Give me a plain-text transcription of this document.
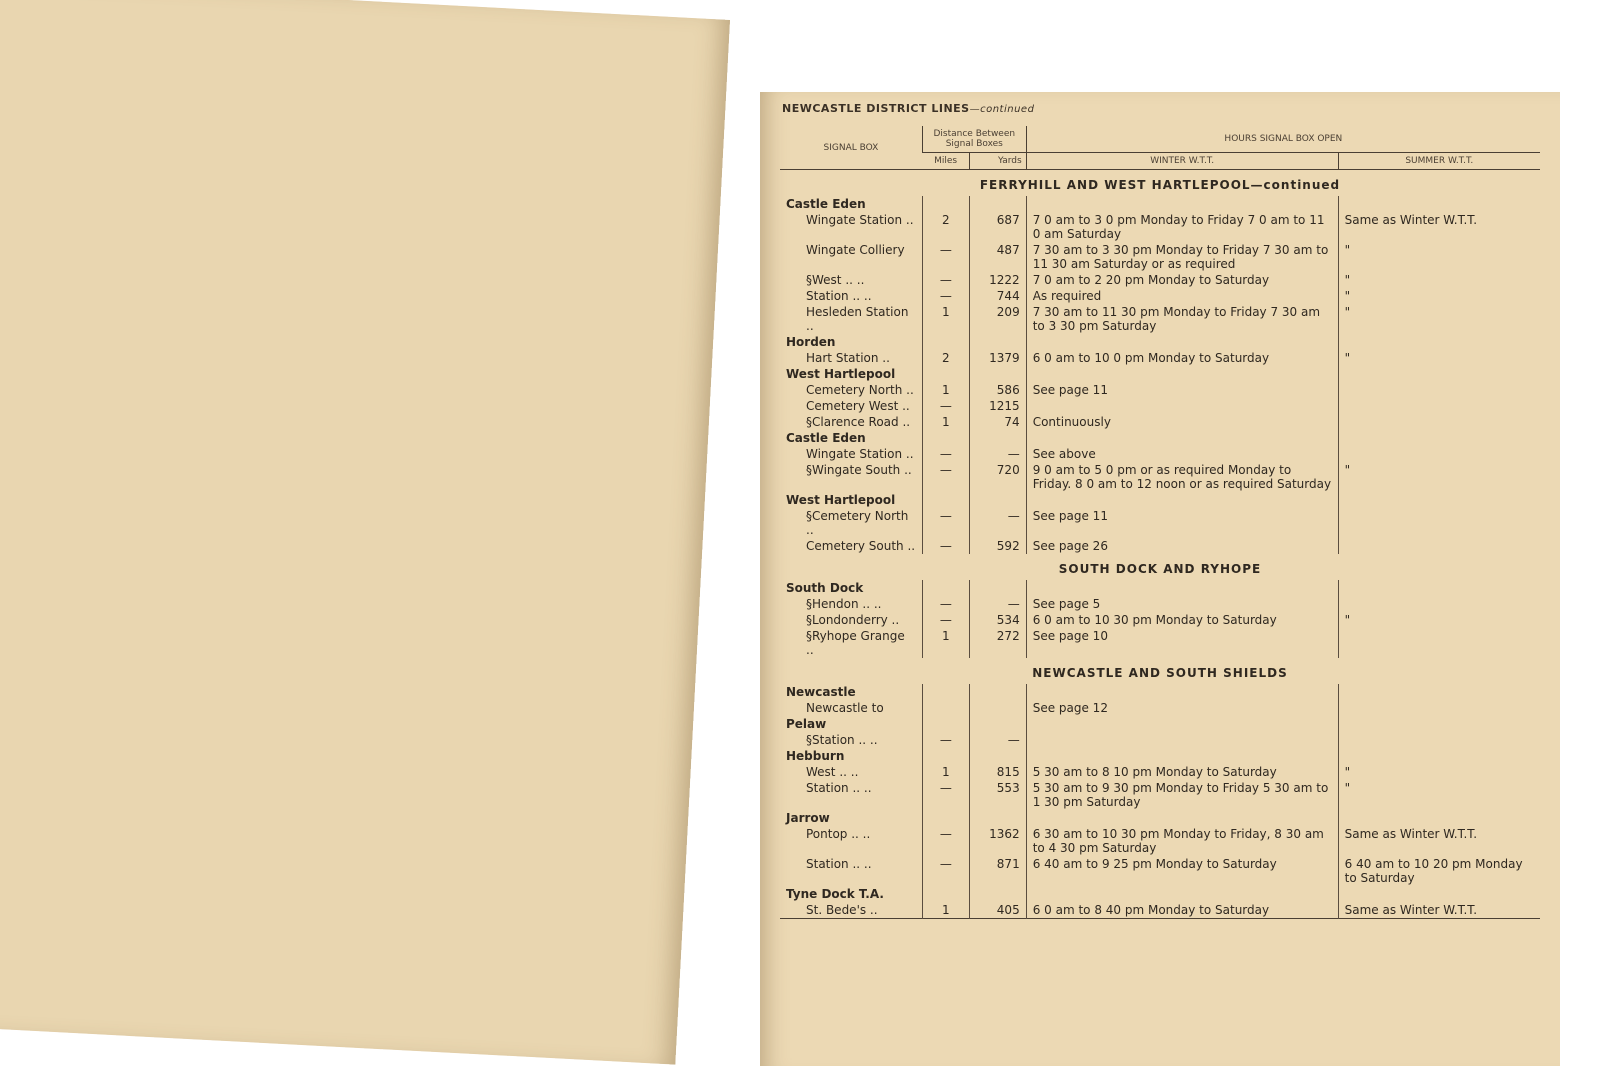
NEWCASTLE DISTRICT LINES—continued
SIGNAL BOX	Distance Between Signal Boxes		HOURS SIGNAL BOX OPEN	
	Miles	Yards	WINTER W.T.T.	SUMMER W.T.T.
FERRYHILL AND WEST HARTLEPOOL—continued				
Castle Eden				
Wingate Station ..	2	687	7 0 am to 3 0 pm Monday to Friday 7 0 am to 11 0 am Saturday	Same as Winter W.T.T.
Wingate Colliery	—	487	7 30 am to 3 30 pm Monday to Friday 7 30 am to 11 30 am Saturday or as required	"
§West .. ..	—	1222	7 0 am to 2 20 pm Monday to Saturday	"
Station .. ..	—	744	As required	"
Hesleden Station ..	1	209	7 30 am to 11 30 pm Monday to Friday 7 30 am to 3 30 pm Saturday	"
Horden				
Hart Station ..	2	1379	6 0 am to 10 0 pm Monday to Saturday	"
West Hartlepool				
Cemetery North ..	1	586	See page 11	
Cemetery West ..	—	1215		
§Clarence Road ..	1	74	Continuously	
Castle Eden				
Wingate Station ..	—	—	See above	
§Wingate South ..	—	720	9 0 am to 5 0 pm or as required Monday to Friday. 8 0 am to 12 noon or as required Saturday	"
West Hartlepool				
§Cemetery North ..	—	—	See page 11	
Cemetery South ..	—	592	See page 26	
SOUTH DOCK AND RYHOPE				
South Dock				
§Hendon .. ..	—	—	See page 5	
§Londonderry ..	—	534	6 0 am to 10 30 pm Monday to Saturday	"
§Ryhope Grange ..	1	272	See page 10	
NEWCASTLE AND SOUTH SHIELDS				
Newcastle				
Newcastle to			See page 12	
Pelaw				
§Station .. ..	—	—		
Hebburn				
West .. ..	1	815	5 30 am to 8 10 pm Monday to Saturday	"
Station .. ..	—	553	5 30 am to 9 30 pm Monday to Friday 5 30 am to 1 30 pm Saturday	"
Jarrow				
Pontop .. ..	—	1362	6 30 am to 10 30 pm Monday to Friday, 8 30 am to 4 30 pm Saturday	Same as Winter W.T.T.
Station .. ..	—	871	6 40 am to 9 25 pm Monday to Saturday	6 40 am to 10 20 pm Monday to Saturday
Tyne Dock T.A.				
St. Bede's ..	1	405	6 0 am to 8 40 pm Monday to Saturday	Same as Winter W.T.T.
